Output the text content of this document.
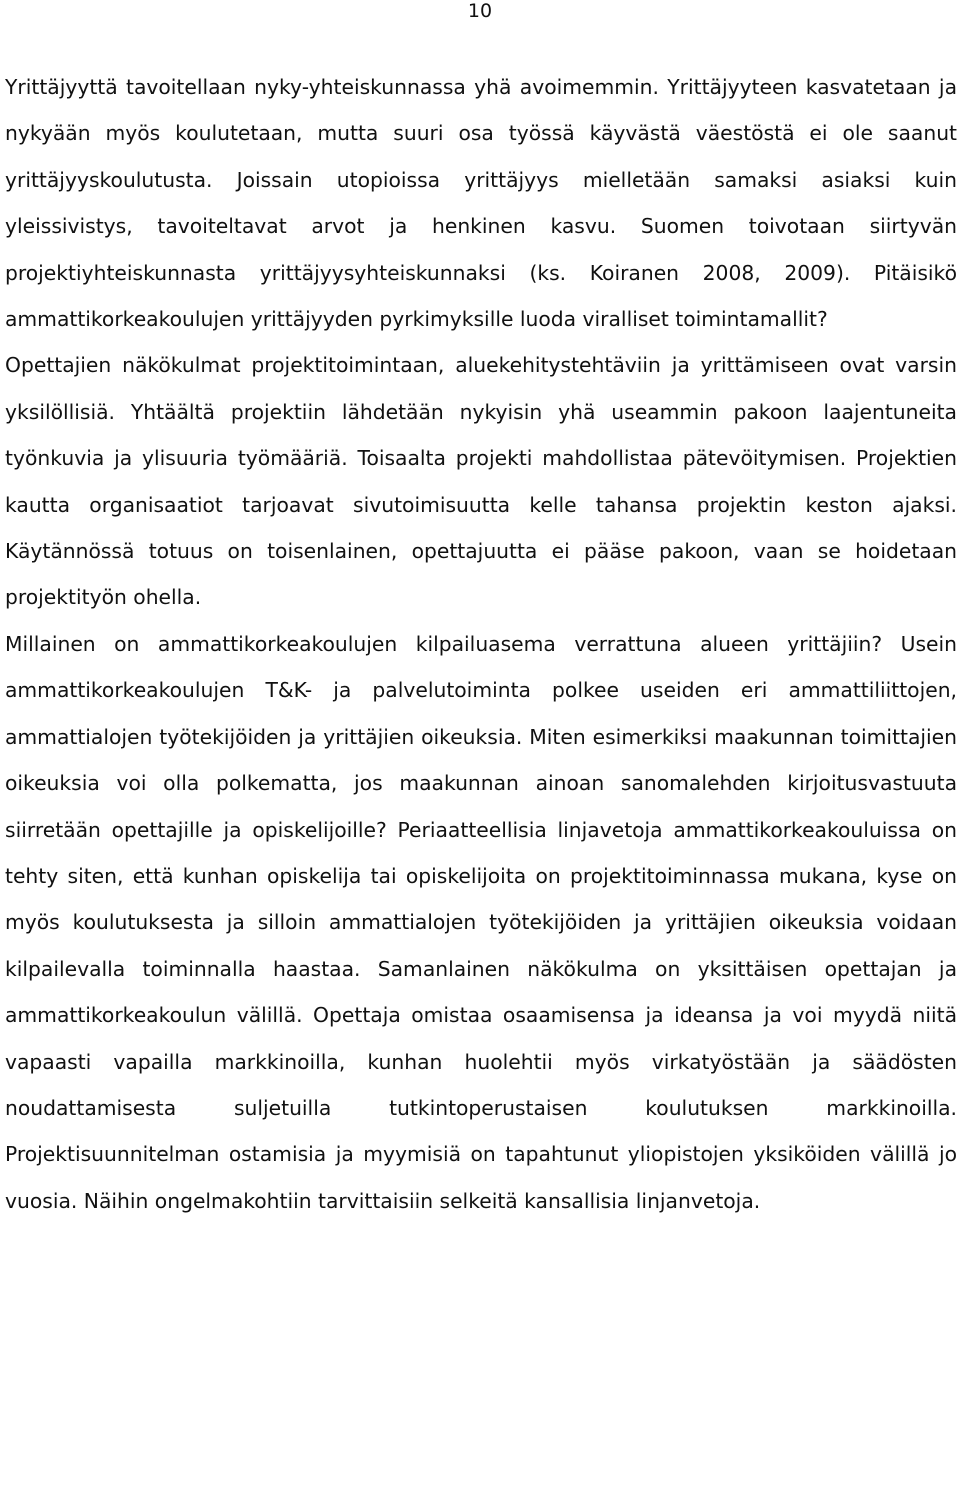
10

Yrittäjyyttä tavoitellaan nyky-yhteiskunnassa yhä avoimemmin. Yrittäjyyteen kasvatetaan ja nykyään myös koulutetaan, mutta suuri osa työssä käyvästä väestöstä ei ole saanut yrittäjyyskoulutusta. Joissain utopioissa yrittäjyys mielletään samaksi asiaksi kuin yleissivistys, tavoiteltavat arvot ja henkinen kasvu. Suomen toivotaan siirtyvän projektiyhteiskunnasta yrittäjyysyhteiskunnaksi (ks. Koiranen 2008, 2009). Pitäisikö ammattikorkeakoulujen yrittäjyyden pyrkimyksille luoda viralliset toimintamallit?

Opettajien näkökulmat projektitoimintaan, aluekehitystehtäviin ja yrittämiseen ovat varsin yksilöllisiä. Yhtäältä projektiin lähdetään nykyisin yhä useammin pakoon laajentuneita työnkuvia ja ylisuuria työmääriä. Toisaalta projekti mahdollistaa pätevöitymisen. Projektien kautta organisaatiot tarjoavat sivutoimisuutta kelle tahansa projektin keston ajaksi. Käytännössä totuus on toisenlainen, opettajuutta ei pääse pakoon, vaan se hoidetaan projektityön ohella.

Millainen on ammattikorkeakoulujen kilpailuasema verrattuna alueen yrittäjiin? Usein ammattikorkeakoulujen T&K- ja palvelutoiminta polkee useiden eri ammattiliittojen, ammattialojen työtekijöiden ja yrittäjien oikeuksia. Miten esimerkiksi maakunnan toimittajien oikeuksia voi olla polkematta, jos maakunnan ainoan sanomalehden kirjoitusvastuuta siirretään opettajille ja opiskelijoille? Periaatteellisia linjavetoja ammattikorkeakouluissa on tehty siten, että kunhan opiskelija tai opiskelijoita on projektitoiminnassa mukana, kyse on myös koulutuksesta ja silloin ammattialojen työtekijöiden ja yrittäjien oikeuksia voidaan kilpailevalla toiminnalla haastaa. Samanlainen näkökulma on yksittäisen opettajan ja ammattikorkeakoulun välillä. Opettaja omistaa osaamisensa ja ideansa ja voi myydä niitä vapaasti vapailla markkinoilla, kunhan huolehtii myös virkatyöstään ja säädösten noudattamisesta suljetuilla tutkintoperustaisen koulutuksen markkinoilla. Projektisuunnitelman ostamisia ja myymisiä on tapahtunut yliopistojen yksiköiden välillä jo vuosia. Näihin ongelmakohtiin tarvittaisiin selkeitä kansallisia linjanvetoja.
